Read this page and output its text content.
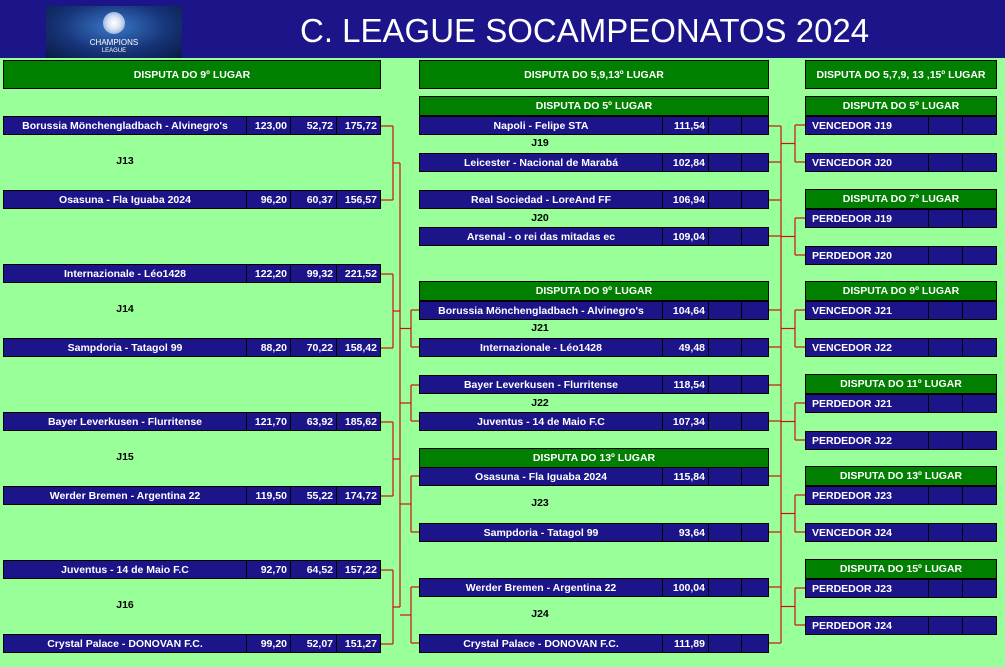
CHAMPIONS
LEAGUE
C. LEAGUE SOCAMPEONATOS 2024
DISPUTA DO 9º LUGAR	DISPUTA DO 5,9,13º LUGAR	DISPUTA DO 5,7,9, 13 ,15º LUGAR
Borussia Mönchengladbach - Alvinegro's	123,00	52,72	175,72
Osasuna - Fla Iguaba 2024	96,20	60,37	156,57
J13
Internazionale - Léo1428	122,20	99,32	221,52
Sampdoria - Tatagol 99	88,20	70,22	158,42
J14
Bayer Leverkusen - Flurritense	121,70	63,92	185,62
Werder Bremen - Argentina 22	119,50	55,22	174,72
J15
Juventus - 14 de Maio F.C	92,70	64,52	157,22
Crystal Palace - DONOVAN F.C.	99,20	52,07	151,27
J16
DISPUTA DO 5º LUGAR
DISPUTA DO 9º LUGAR
DISPUTA DO 13º LUGAR
Napoli - Felipe STA	111,54
Leicester - Nacional de Marabá	102,84
J19
Real Sociedad - LoreAnd FF	106,94
Arsenal - o rei das mitadas ec	109,04
J20
Borussia Mönchengladbach - Alvinegro's	104,64
Internazionale - Léo1428	49,48
J21
Bayer Leverkusen - Flurritense	118,54
Juventus - 14 de Maio F.C	107,34
J22
Osasuna - Fla Iguaba 2024	115,84
Sampdoria - Tatagol 99	93,64
J23
Werder Bremen - Argentina 22	100,04
Crystal Palace - DONOVAN F.C.	111,89
J24
DISPUTA DO 5º LUGAR
VENCEDOR J19
VENCEDOR J20
DISPUTA DO 7º LUGAR
PERDEDOR J19
PERDEDOR J20
DISPUTA DO 9º LUGAR
VENCEDOR J21
VENCEDOR J22
DISPUTA DO 11º LUGAR
PERDEDOR J21
PERDEDOR J22
DISPUTA DO 13º LUGAR
PERDEDOR J23
VENCEDOR J24
DISPUTA DO 15º LUGAR
PERDEDOR J23
PERDEDOR J24
